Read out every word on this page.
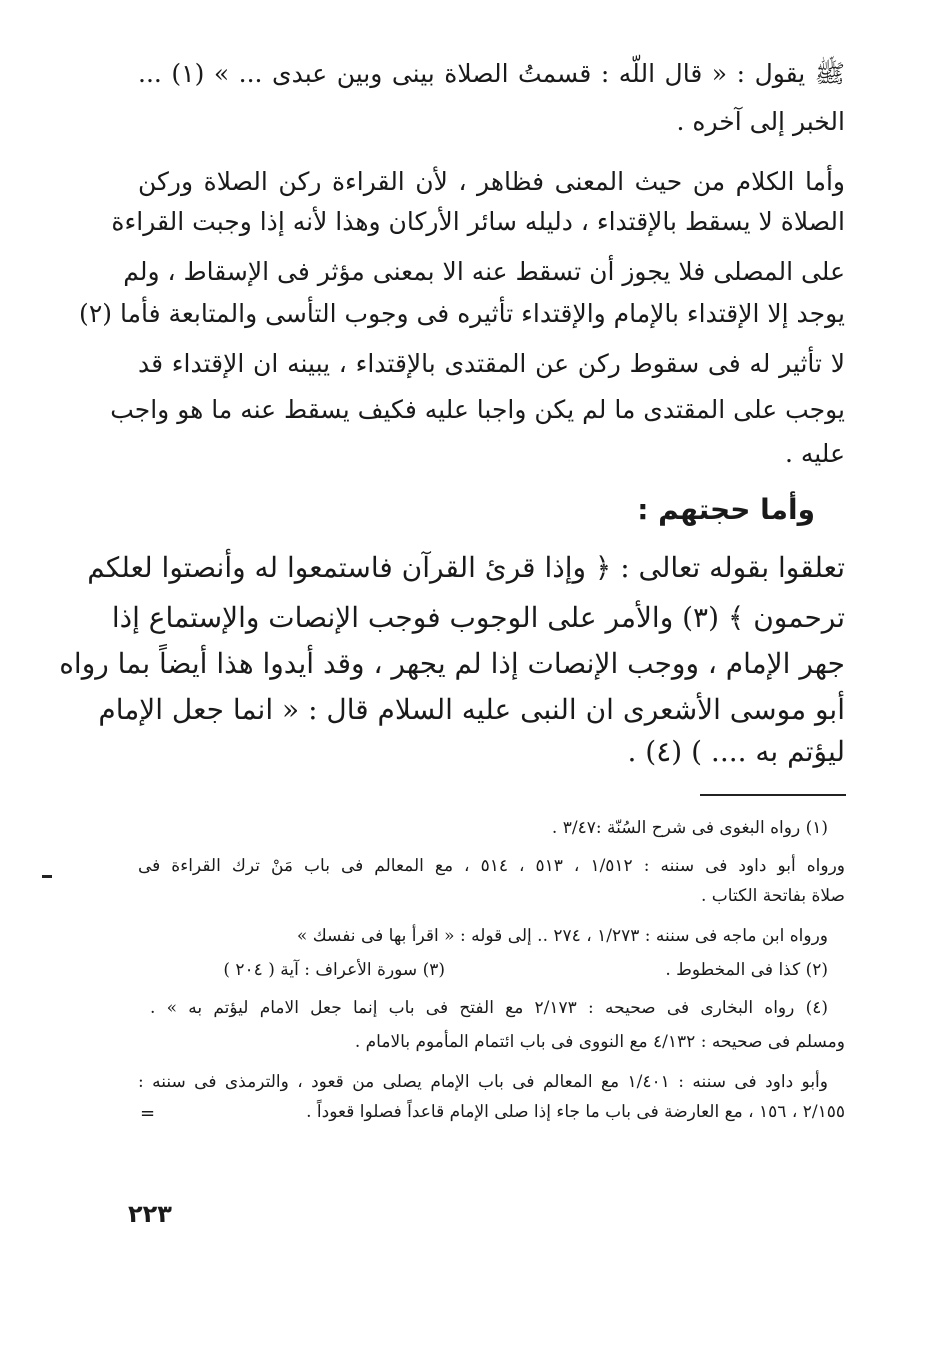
ﷺ يقول : « قال اللّه : قسمتُ الصلاة بينى وبين عبدى ... » (١) ...
الخبر إلى آخره .
وأما الكلام من حيث المعنى فظاهر ، لأن القراءة ركن الصلاة وركن
الصلاة لا يسقط بالإقتداء ، دليله سائر الأركان وهذا لأنه إذا وجبت القراءة
على المصلى فلا يجوز أن تسقط عنه الا بمعنى مؤثر فى الإسقاط ، ولم
يوجد إلا الإقتداء بالإمام والإقتداء تأثيره فى وجوب التأسى والمتابعة فأما (٢)
لا تأثير له فى سقوط ركن عن المقتدى بالإقتداء ، يبينه ان الإقتداء قد
يوجب على المقتدى ما لم يكن واجبا عليه فكيف يسقط عنه ما هو واجب
عليه .
وأما حجتهم :
تعلقوا بقوله تعالى : ﴿ وإذا قرئ القرآن فاستمعوا له وأنصتوا لعلكم
ترحمون ﴾ (٣) والأمر على الوجوب فوجب الإنصات والإستماع إذا
جهر الإمام ، ووجب الإنصات إذا لم يجهر ، وقد أيدوا هذا أيضاً بما رواه
أبو موسى الأشعرى ان النبى عليه السلام قال : « انما جعل الإمام
ليؤتم به .... ) (٤) .
(١) رواه البغوى فى شرح السُنّة :٣/٤٧ .
ورواه أبو داود فى سننه : ١/٥١٢ ، ٥١٣ ، ٥١٤ ، مع المعالم فى باب مَنْ ترك القراءة فى
صلاة بفاتحة الكتاب .
ورواه ابن ماجه فى سننه : ١/٢٧٣ ، ٢٧٤ .. إلى قوله : « اقرأ بها فى نفسك »
(٢) كذا فى المخطوط .
(٣) سورة الأعراف : آية ( ٢٠٤ )
(٤) رواه البخارى فى صحيحه : ٢/١٧٣ مع الفتح فى باب إنما جعل الامام ليؤتم به » .
ومسلم فى صحيحه : ٤/١٣٢ مع النووى فى باب ائتمام المأموم بالامام .
وأبو داود فى سننه : ١/٤٠١ مع المعالم فى باب الإمام يصلى من قعود ، والترمذى فى سننه :
٢/١٥٥ ، ١٥٦ ، مع العارضة فى باب ما جاء إذا صلى الإمام قاعداً فصلوا قعوداً .
=
٢٢٣
